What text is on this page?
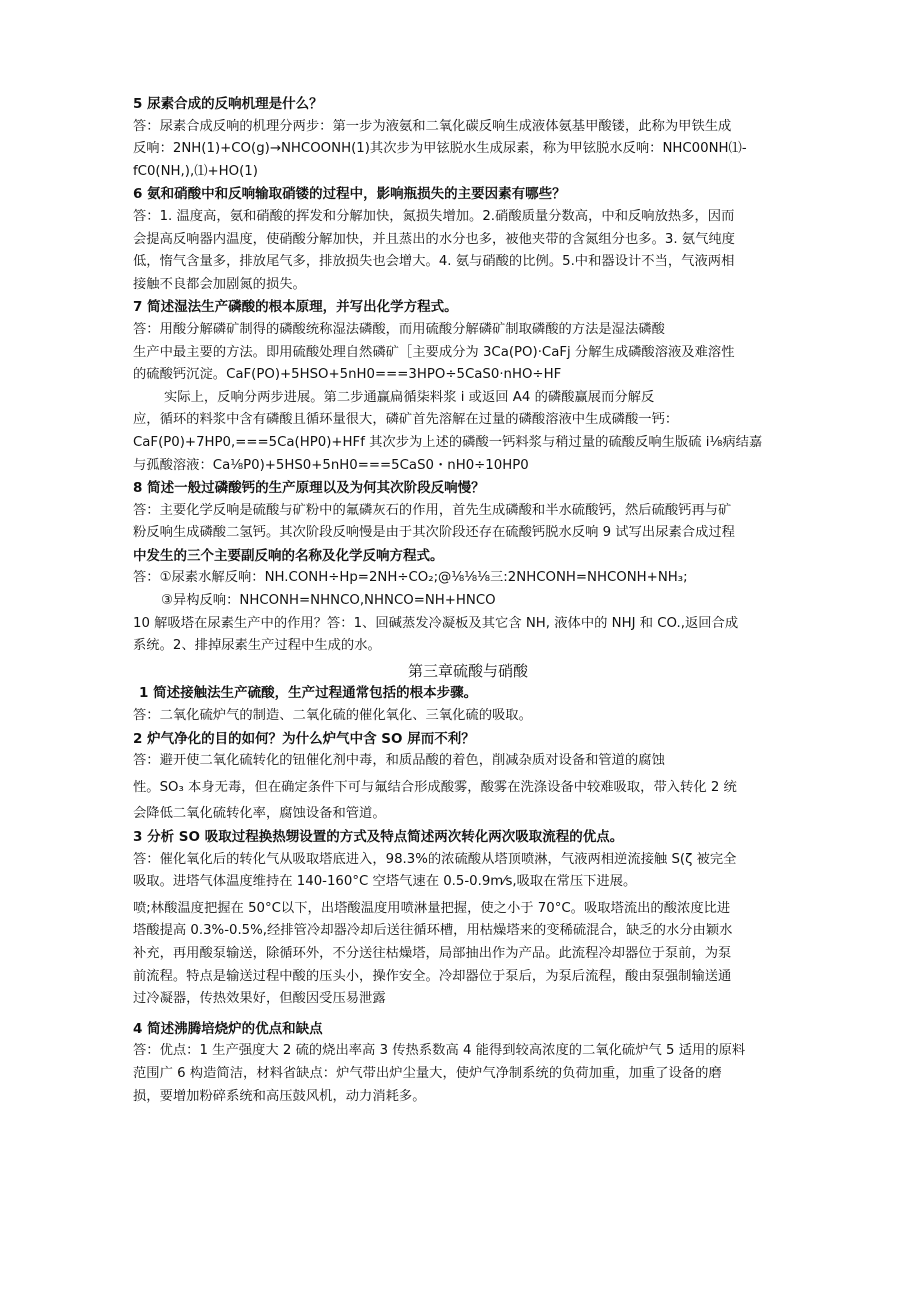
5 尿素合成的反响机理是什么？
答：尿素合成反响的机理分两步：第一步为液氨和二氧化碳反响生成液体氨基甲酸镂，此称为甲铁生成
反响：2NH(1)+CO(g)→NHCOONH(1)其次步为甲铉脱水生成尿素，称为甲铉脱水反响：NHC00NH⑴-
fC0(NH,),⑴+HO(1)
6 氨和硝酸中和反响输取硝镂的过程中，影响瓶损失的主要因素有哪些？
答：1. 温度高，氨和硝酸的挥发和分解加快，氮损失增加。2.硝酸质量分数高，中和反响放热多，因而
会提高反响器内温度，使硝酸分解加快，并且蒸出的水分也多，被他夹带的含氮组分也多。3. 氨气纯度
低，惰气含量多，排放尾气多，排放损失也会增大。4. 氨与硝酸的比例。5.中和器设计不当，气液两相
接触不良都会加剧氮的损失。
7 简述湿法生产磷酸的根本原理，并写出化学方程式。
答：用酸分解磷矿制得的磷酸统称湿法磷酸，而用硫酸分解磷矿制取磷酸的方法是湿法磷酸
生产中最主要的方法。即用硫酸处理自然磷矿［主要成分为 3Ca(PO)·CaFj 分解生成磷酸溶液及难溶性
的硫酸钙沉淀。CaF(PO)+5HSO+5nH0===3HPO÷5CaS0·nHO÷HF
实际上，反响分两步进展。第二步通赢扁循柒料浆 i 或返回 A4 的磷酸赢展而分解反
应，循环的料浆中含有磷酸且循环量很大，磷矿首先溶解在过量的磷酸溶液中生成磷酸一钙：
CaF(P0)+7HP0,===5Ca(HP0)+HFf 其次步为上述的磷酸一钙料浆与稍过量的硫酸反响生版硫 i⅛病结嘉
与孤酸溶液：Ca⅛P0)+5HS0+5nH0===5CaS0・nH0÷10HP0
8 简述一般过磷酸钙的生产原理以及为何其次阶段反响慢？
答：主要化学反响是硫酸与矿粉中的氟磷灰石的作用，首先生成磷酸和半水硫酸钙，然后硫酸钙再与矿
粉反响生成磷酸二氢钙。其次阶段反响慢是由于其次阶段还存在硫酸钙脱水反响 9 试写出尿素合成过程
中发生的三个主要副反响的名称及化学反响方程式。
答：①尿素水解反响：NH.CONH÷Hp=2NH÷CO₂;@⅛⅛⅛三:2NHCONH=NHCONH+NH₃;
③异构反响：NHCONH=NHNCO,NHNCO=NH+HNCO
10 解吸塔在尿素生产中的作用？答：1、回碱蒸发冷凝板及其它含 NH, 液体中的 NHJ 和 CO.,返回合成
系统。2、排掉尿素生产过程中生成的水。
第三章硫酸与硝酸
1 简述接触法生产硫酸，生产过程通常包括的根本步骤。
答：二氧化硫炉气的制造、二氧化硫的催化氧化、三氧化硫的吸取。
2 炉气净化的目的如何？为什么炉气中含 SO 屏而不利？
答：避开使二氧化硫转化的钮催化剂中毒，和质品酸的着色，削减杂质对设备和管道的腐蚀
性。SO₃ 本身无毒，但在确定条件下可与氟结合形成酸雾，酸雾在洗涤设备中较难吸取，带入转化 2 统
会降低二氧化硫转化率，腐蚀设备和管道。
3 分析 SO 吸取过程换热甥设置的方式及特点简述两次转化两次吸取流程的优点。
答：催化氧化后的转化气从吸取塔底进入，98.3%的浓硫酸从塔顶喷淋，气液两相逆流接触 S(ζ 被完全
吸取。进塔气体温度维持在 140-160°C 空塔气速在 0.5-0.9m⁄s,吸取在常压下进展。
喷;林酸温度把握在 50°C以下，出塔酸温度用喷淋量把握，使之小于 70°C。吸取塔流出的酸浓度比进
塔酸提高 0.3%-0.5%,经排管冷却器冷却后送往循环槽，用枯燥塔来的变稀硫混合，缺乏的水分由颖水
补充，再用酸泵输送，除循环外，不分送往枯燥塔，局部抽出作为产品。此流程冷却器位于泵前，为泵
前流程。特点是输送过程中酸的压头小，操作安全。冷却器位于泵后，为泵后流程，酸由泵强制输送通
过冷凝器，传热效果好，但酸因受压易泄露
4 简述沸腾培烧炉的优点和缺点
答：优点：1 生产强度大 2 硫的烧出率高 3 传热系数高 4 能得到较高浓度的二氧化硫炉气 5 适用的原料
范围广 6 构造简洁，材料省缺点：炉气带出炉尘量大，使炉气净制系统的负荷加重，加重了设备的磨
损，要增加粉碎系统和高压鼓风机，动力消耗多。
